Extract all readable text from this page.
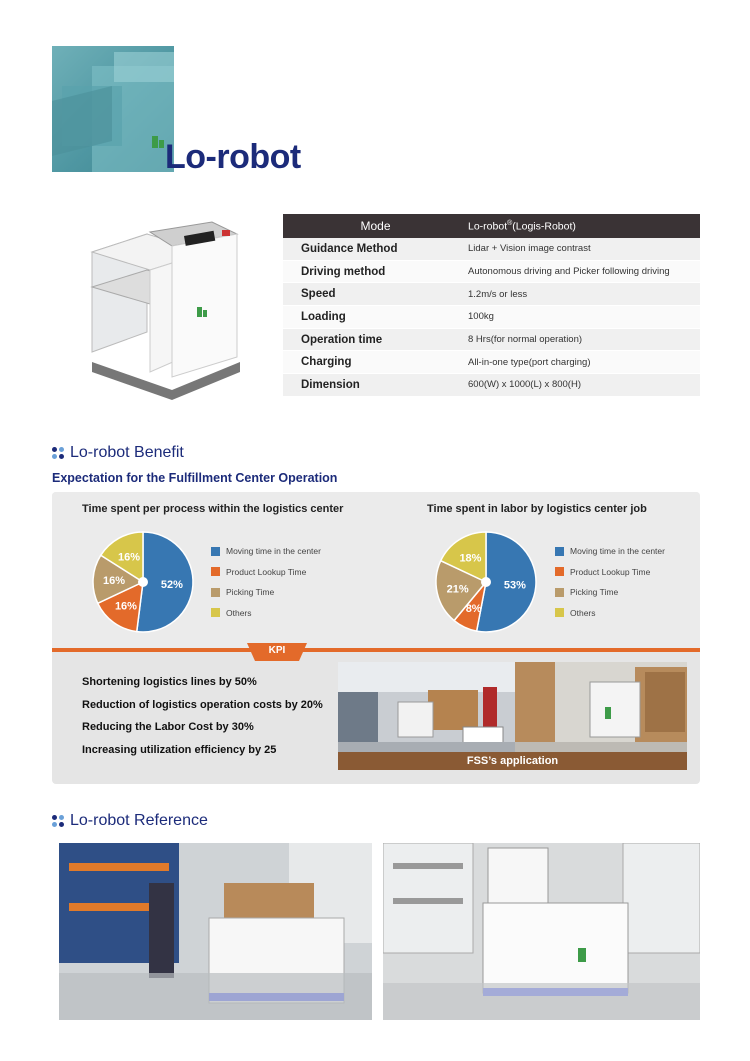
Lo-robot
Mode	Lo-robot®(Logis-Robot)
Guidance Method	Lidar + Vision image contrast
Driving method	Autonomous driving and Picker following driving
Speed	1.2m/s or less
Loading	100kg
Operation time	8 Hrs(for normal operation)
Charging	All-in-one type(port charging)
Dimension	600(W) x 1000(L) x 800(H)
Lo-robot Benefit
Expectation for the Fulfillment Center Operation
Time spent per process within the logistics center
52%
16%
16%
16%
Moving time in the center
Product Lookup Time
Picking Time
Others
Time spent in labor by logistics center job
53%
8%
21%
18%
Moving time in the center
Product Lookup Time
Picking Time
Others
KPI
Shortening logistics lines by 50%
Reduction of logistics operation costs by 20%
Reducing the Labor Cost by 30%
Increasing utilization efficiency by 25
FSS’s application
Lo-robot Reference
